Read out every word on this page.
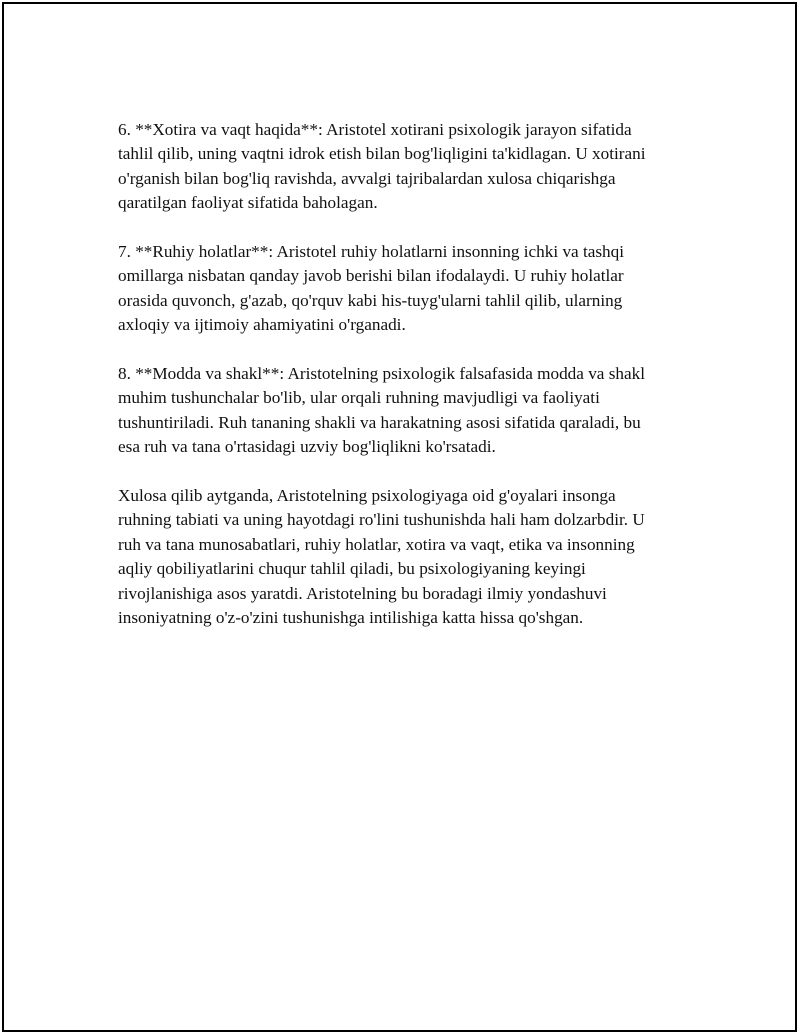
6. **Xotira va vaqt haqida**: Aristotel xotirani psixologik jarayon sifatida
tahlil qilib, uning vaqtni idrok etish bilan bog'liqligini ta'kidlagan. U xotirani
o'rganish bilan bog'liq ravishda, avvalgi tajribalardan xulosa chiqarishga
qaratilgan faoliyat sifatida baholagan.

7. **Ruhiy holatlar**: Aristotel ruhiy holatlarni insonning ichki va tashqi
omillarga nisbatan qanday javob berishi bilan ifodalaydi. U ruhiy holatlar
orasida quvonch, g'azab, qo'rquv kabi his-tuyg'ularni tahlil qilib, ularning
axloqiy va ijtimoiy ahamiyatini o'rganadi.

8. **Modda va shakl**: Aristotelning psixologik falsafasida modda va shakl
muhim tushunchalar bo'lib, ular orqali ruhning mavjudligi va faoliyati
tushuntiriladi. Ruh tananing shakli va harakatning asosi sifatida qaraladi, bu
esa ruh va tana o'rtasidagi uzviy bog'liqlikni ko'rsatadi.

Xulosa qilib aytganda, Aristotelning psixologiyaga oid g'oyalari insonga
ruhning tabiati va uning hayotdagi ro'lini tushunishda hali ham dolzarbdir. U
ruh va tana munosabatlari, ruhiy holatlar, xotira va vaqt, etika va insonning
aqliy qobiliyatlarini chuqur tahlil qiladi, bu psixologiyaning keyingi
rivojlanishiga asos yaratdi. Aristotelning bu boradagi ilmiy yondashuvi
insoniyatning o'z-o'zini tushunishga intilishiga katta hissa qo'shgan.
